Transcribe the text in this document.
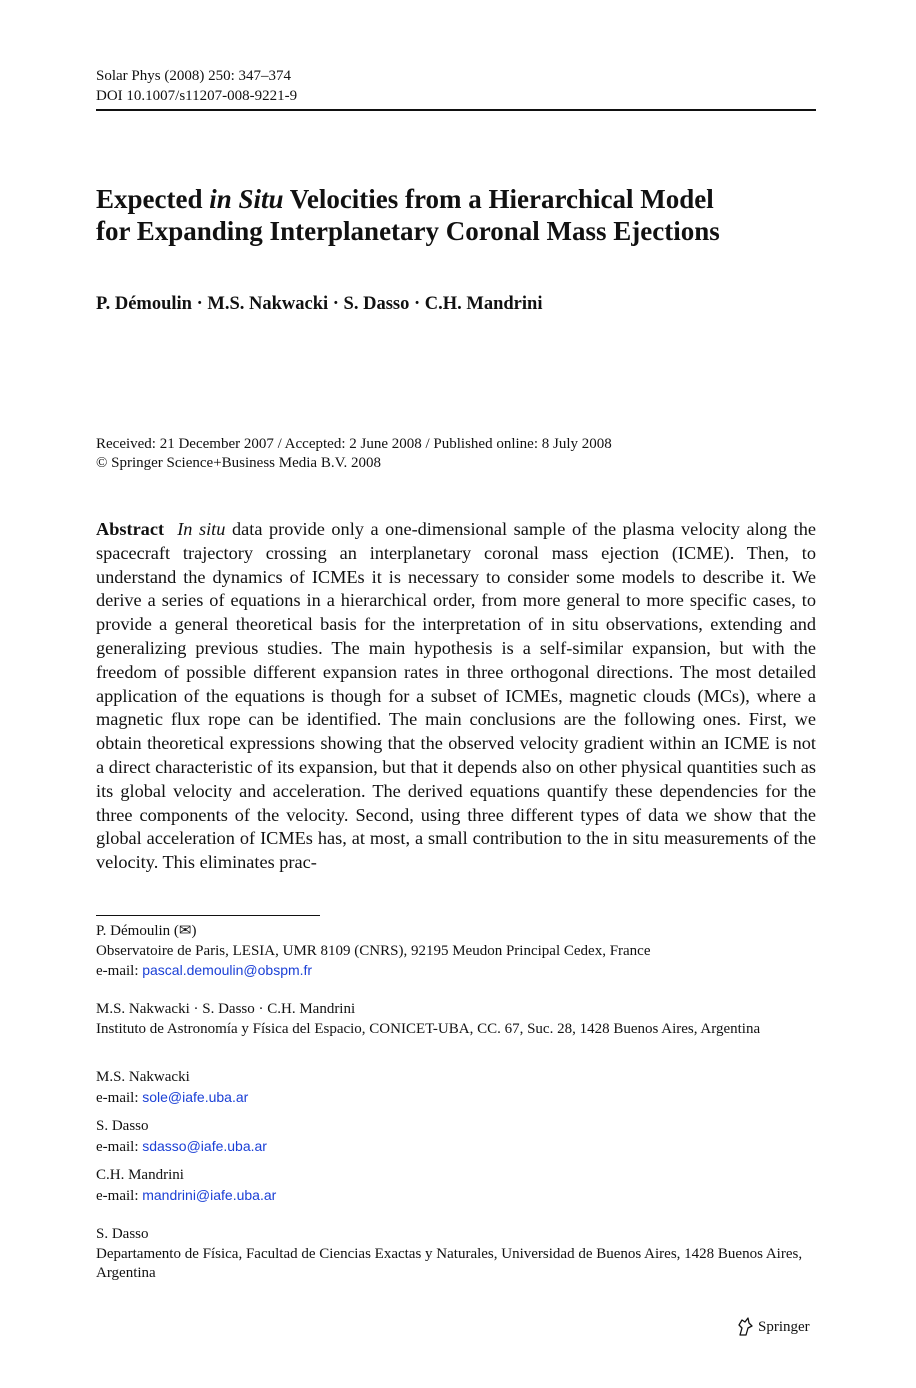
Solar Phys (2008) 250: 347–374
DOI 10.1007/s11207-008-9221-9
Expected in Situ Velocities from a Hierarchical Model
for Expanding Interplanetary Coronal Mass Ejections
P. Démoulin · M.S. Nakwacki · S. Dasso · C.H. Mandrini
Received: 21 December 2007 / Accepted: 2 June 2008 / Published online: 8 July 2008
© Springer Science+Business Media B.V. 2008

Abstract In situ data provide only a one-dimensional sample of the plasma velocity along the spacecraft trajectory crossing an interplanetary coronal mass ejection (ICME). Then, to understand the dynamics of ICMEs it is necessary to consider some models to describe it. We derive a series of equations in a hierarchical order, from more general to more specific cases, to provide a general theoretical basis for the interpretation of in situ observations, extending and generalizing previous studies. The main hypothesis is a self-similar expansion, but with the freedom of possible different expansion rates in three orthogonal directions. The most detailed application of the equations is though for a subset of ICMEs, magnetic clouds (MCs), where a magnetic flux rope can be identified. The main conclusions are the following ones. First, we obtain theoretical expressions showing that the observed velocity gradient within an ICME is not a direct characteristic of its expansion, but that it depends also on other physical quantities such as its global velocity and acceleration. The derived equations quantify these dependencies for the three components of the velocity. Second, using three different types of data we show that the global acceleration of ICMEs has, at most, a small contribution to the in situ measurements of the velocity. This eliminates prac-

P. Démoulin (✉)
Observatoire de Paris, LESIA, UMR 8109 (CNRS), 92195 Meudon Principal Cedex, France
e-mail: pascal.demoulin@obspm.fr
M.S. Nakwacki · S. Dasso · C.H. Mandrini
Instituto de Astronomía y Física del Espacio, CONICET-UBA, CC. 67, Suc. 28, 1428 Buenos Aires, Argentina
M.S. Nakwacki
e-mail: sole@iafe.uba.ar
S. Dasso
e-mail: sdasso@iafe.uba.ar
C.H. Mandrini
e-mail: mandrini@iafe.uba.ar
S. Dasso
Departamento de Física, Facultad de Ciencias Exactas y Naturales, Universidad de Buenos Aires, 1428 Buenos Aires, Argentina
Springer
